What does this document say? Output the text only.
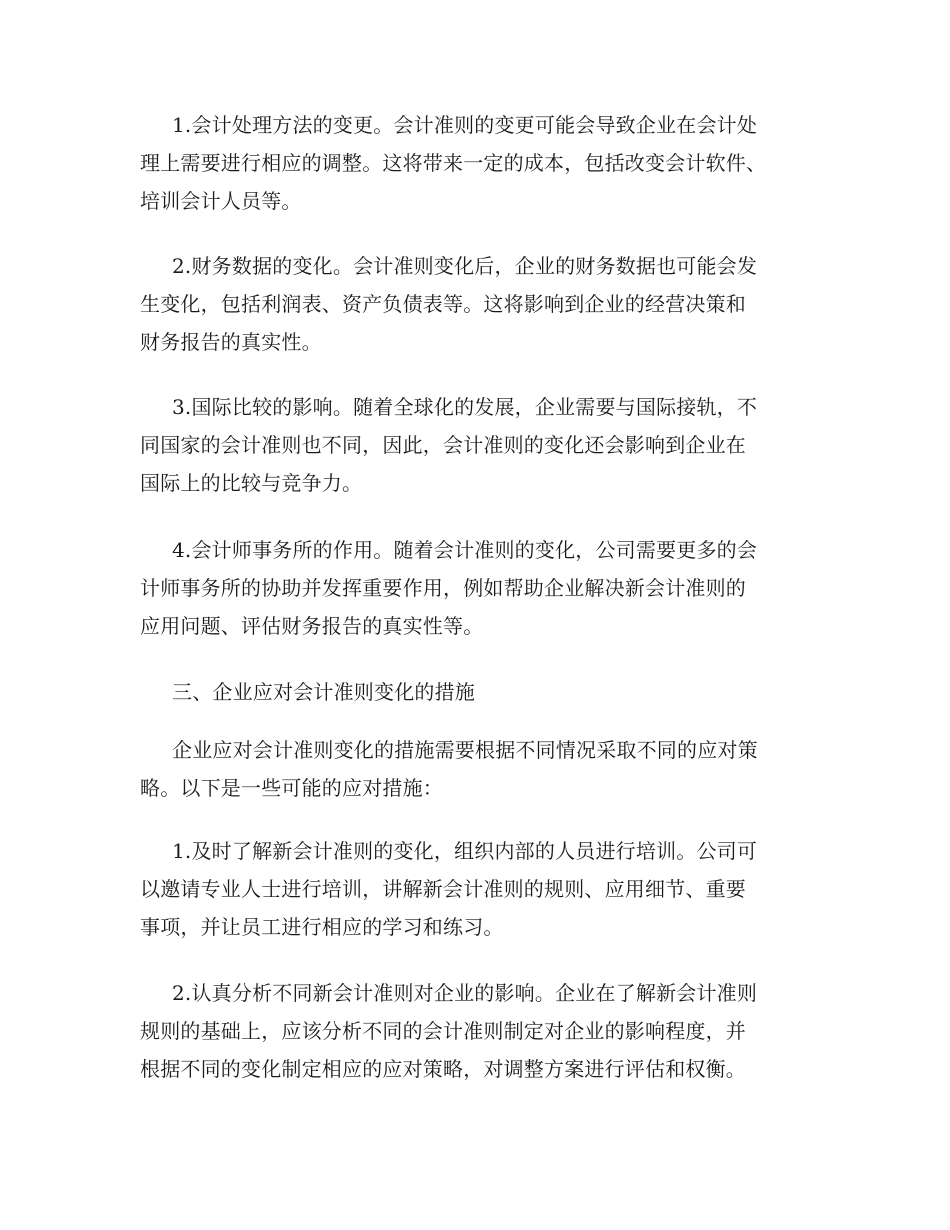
1.会计处理方法的变更。会计准则的变更可能会导致企业在会计处
理上需要进行相应的调整。这将带来一定的成本，包括改变会计软件、
培训会计人员等。
2.财务数据的变化。会计准则变化后，企业的财务数据也可能会发
生变化，包括利润表、资产负债表等。这将影响到企业的经营决策和
财务报告的真实性。
3.国际比较的影响。随着全球化的发展，企业需要与国际接轨，不
同国家的会计准则也不同，因此，会计准则的变化还会影响到企业在
国际上的比较与竞争力。
4.会计师事务所的作用。随着会计准则的变化，公司需要更多的会
计师事务所的协助并发挥重要作用，例如帮助企业解决新会计准则的
应用问题、评估财务报告的真实性等。
三、企业应对会计准则变化的措施
企业应对会计准则变化的措施需要根据不同情况采取不同的应对策
略。以下是一些可能的应对措施：
1.及时了解新会计准则的变化，组织内部的人员进行培训。公司可
以邀请专业人士进行培训，讲解新会计准则的规则、应用细节、重要
事项，并让员工进行相应的学习和练习。
2.认真分析不同新会计准则对企业的影响。企业在了解新会计准则
规则的基础上，应该分析不同的会计准则制定对企业的影响程度，并
根据不同的变化制定相应的应对策略，对调整方案进行评估和权衡。
